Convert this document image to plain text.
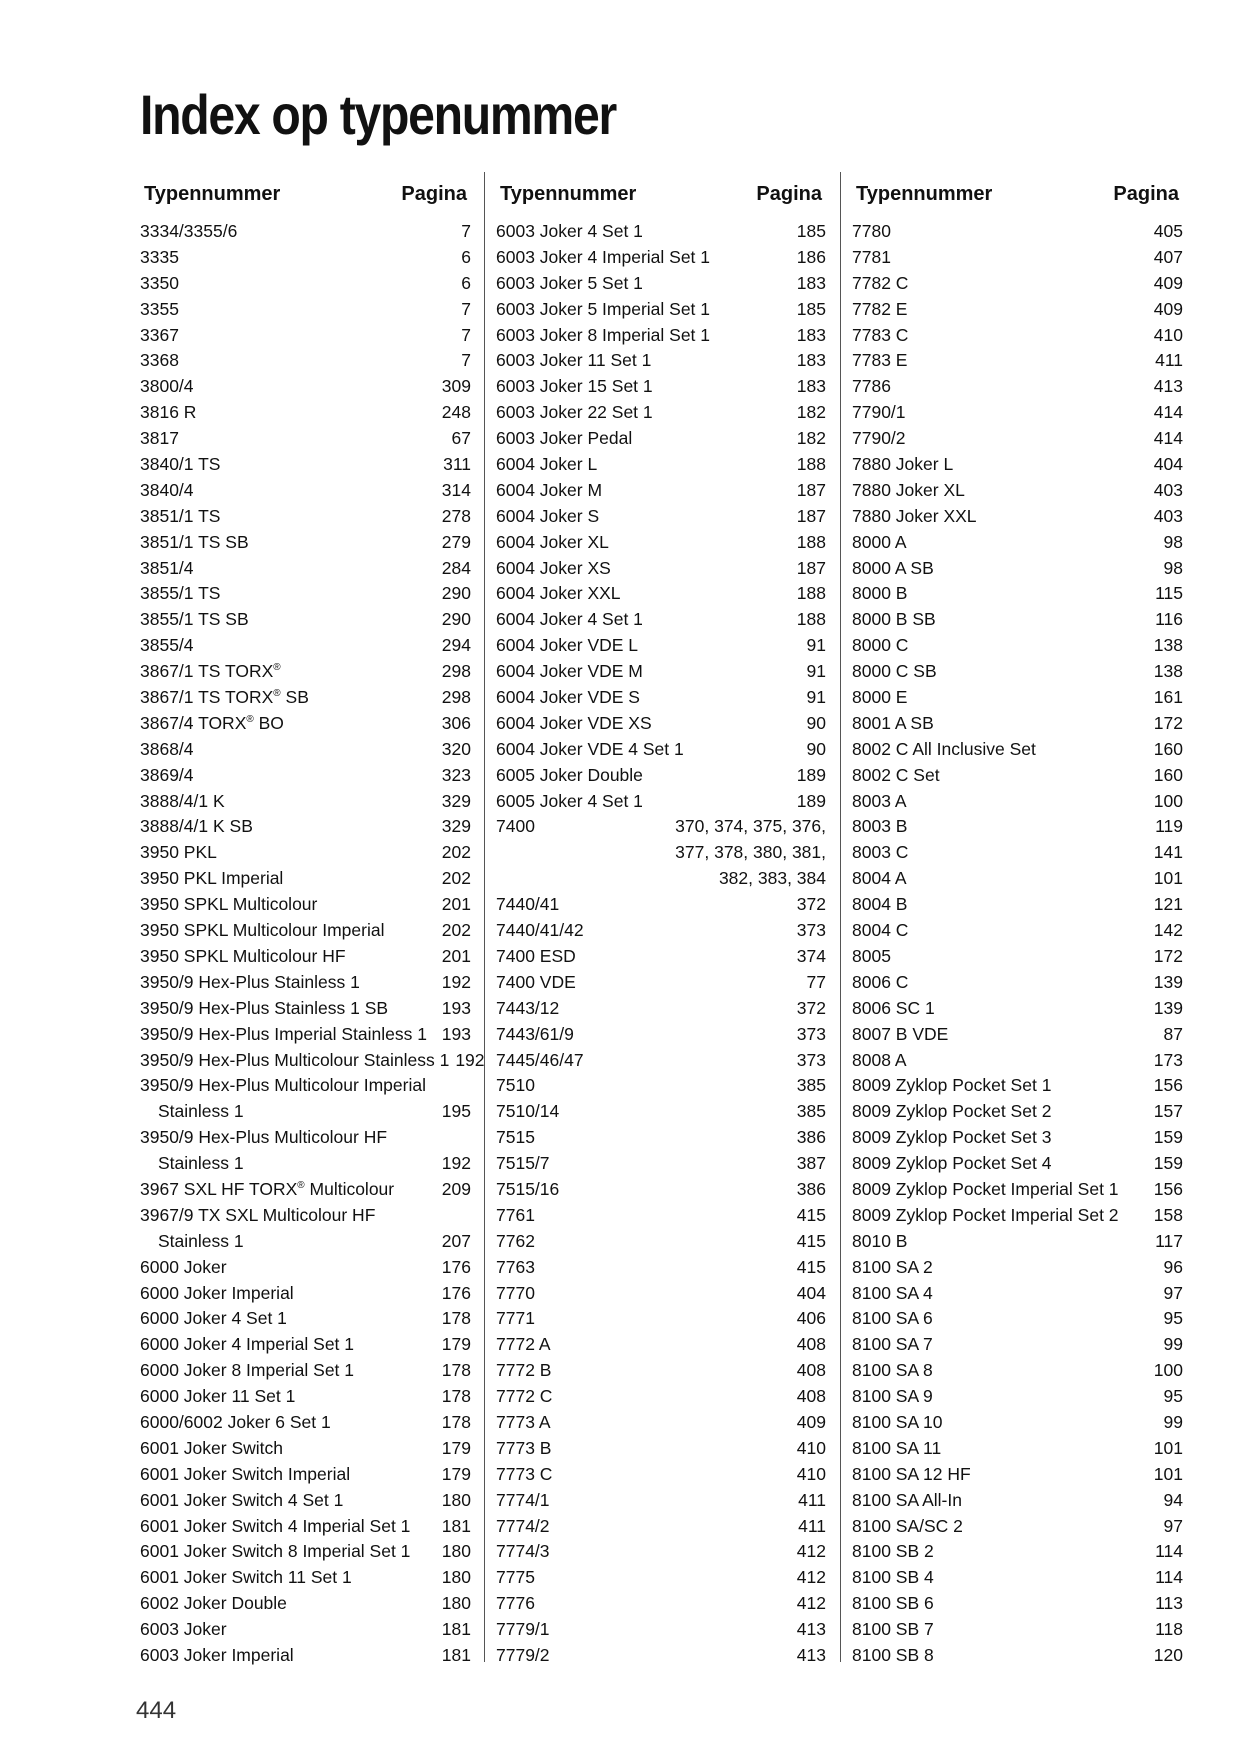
Index op typenummer
Typennummer	Pagina
3334/3355/6	7
3335	6
3350	6
3355	7
3367	7
3368	7
3800/4	309
3816 R	248
3817	67
3840/1 TS	311
3840/4	314
3851/1 TS	278
3851/1 TS SB	279
3851/4	284
3855/1 TS	290
3855/1 TS SB	290
3855/4	294
3867/1 TS TORX®	298
3867/1 TS TORX® SB	298
3867/4 TORX® BO	306
3868/4	320
3869/4	323
3888/4/1 K	329
3888/4/1 K SB	329
3950 PKL	202
3950 PKL Imperial	202
3950 SPKL Multicolour	201
3950 SPKL Multicolour Imperial	202
3950 SPKL Multicolour HF	201
3950/9 Hex-Plus Stainless 1	192
3950/9 Hex-Plus Stainless 1 SB	193
3950/9 Hex-Plus Imperial Stainless 1 193
3950/9 Hex-Plus Multicolour Stainless 1 192
3950/9 Hex-Plus Multicolour Imperial
Stainless 1	195
3950/9 Hex-Plus Multicolour HF
Stainless 1	192
3967 SXL HF TORX® Multicolour	209
3967/9 TX SXL Multicolour HF
Stainless 1	207
6000 Joker	176
6000 Joker Imperial	176
6000 Joker 4 Set 1	178
6000 Joker 4 Imperial Set 1	179
6000 Joker 8 Imperial Set 1	178
6000 Joker 11 Set 1	178
6000/6002 Joker 6 Set 1	178
6001 Joker Switch	179
6001 Joker Switch Imperial	179
6001 Joker Switch 4 Set 1	180
6001 Joker Switch 4 Imperial Set 1	181
6001 Joker Switch 8 Imperial Set 1	180
6001 Joker Switch 11 Set 1	180
6002 Joker Double	180
6003 Joker	181
6003 Joker Imperial	181
Typennummer	Pagina
6003 Joker 4 Set 1	185
6003 Joker 4 Imperial Set 1	186
6003 Joker 5 Set 1	183
6003 Joker 5 Imperial Set 1	185
6003 Joker 8 Imperial Set 1	183
6003 Joker 11 Set 1	183
6003 Joker 15 Set 1	183
6003 Joker 22 Set 1	182
6003 Joker Pedal	182
6004 Joker L	188
6004 Joker M	187
6004 Joker S	187
6004 Joker XL	188
6004 Joker XS	187
6004 Joker XXL	188
6004 Joker 4 Set 1	188
6004 Joker VDE L	91
6004 Joker VDE M	91
6004 Joker VDE S	91
6004 Joker VDE XS	90
6004 Joker VDE 4 Set 1	90
6005 Joker Double	189
6005 Joker 4 Set 1	189
7400	370, 374, 375, 376,
377, 378, 380, 381,
382, 383, 384
7440/41	372
7440/41/42	373
7400 ESD	374
7400 VDE	77
7443/12	372
7443/61/9	373
7445/46/47	373
7510	385
7510/14	385
7515	386
7515/7	387
7515/16	386
7761	415
7762	415
7763	415
7770	404
7771	406
7772 A	408
7772 B	408
7772 C	408
7773 A	409
7773 B	410
7773 C	410
7774/1	411
7774/2	411
7774/3	412
7775	412
7776	412
7779/1	413
7779/2	413
Typennummer	Pagina
7780	405
7781	407
7782 C	409
7782 E	409
7783 C	410
7783 E	411
7786	413
7790/1	414
7790/2	414
7880 Joker L	404
7880 Joker XL	403
7880 Joker XXL	403
8000 A	98
8000 A SB	98
8000 B	115
8000 B SB	116
8000 C	138
8000 C SB	138
8000 E	161
8001 A SB	172
8002 C All Inclusive Set	160
8002 C Set	160
8003 A	100
8003 B	119
8003 C	141
8004 A	101
8004 B	121
8004 C	142
8005	172
8006 C	139
8006 SC 1	139
8007 B VDE	87
8008 A	173
8009 Zyklop Pocket Set 1	156
8009 Zyklop Pocket Set 2	157
8009 Zyklop Pocket Set 3	159
8009 Zyklop Pocket Set 4	159
8009 Zyklop Pocket Imperial Set 1	156
8009 Zyklop Pocket Imperial Set 2	158
8010 B	117
8100 SA 2	96
8100 SA 4	97
8100 SA 6	95
8100 SA 7	99
8100 SA 8	100
8100 SA 9	95
8100 SA 10	99
8100 SA 11	101
8100 SA 12 HF	101
8100 SA All-In	94
8100 SA/SC 2	97
8100 SB 2	114
8100 SB 4	114
8100 SB 6	113
8100 SB 7	118
8100 SB 8	120
444
